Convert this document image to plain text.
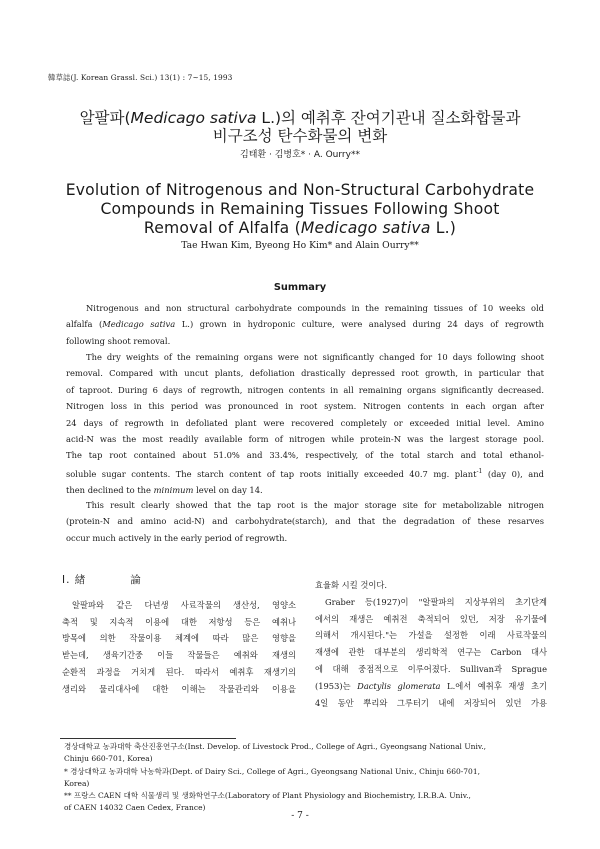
韓草誌(J. Korean Grassl. Sci.) 13(1) : 7~15, 1993
알팔파(Medicago sativa L.)의 예취후 잔여기관내 질소화합물과
비구조성 탄수화물의 변화
김태환 · 김병호* · A. Ourry**
Evolution of Nitrogenous and Non-Structural Carbohydrate
Compounds in Remaining Tissues Following Shoot
Removal of Alfalfa (Medicago sativa L.)
Tae Hwan Kim, Byeong Ho Kim* and Alain Ourry**
Summary
Nitrogenous and non structural carbohydrate compounds in the remaining tissues of 10 weeks old
alfalfa (Medicago sativa L.) grown in hydroponic culture, were analysed during 24 days of regrowth
following shoot removal.
The dry weights of the remaining organs were not significantly changed for 10 days following shoot
removal. Compared with uncut plants, defoliation drastically depressed root growth, in particular that
of taproot. During 6 days of regrowth, nitrogen contents in all remaining organs significantly decreased.
Nitrogen loss in this period was pronounced in root system. Nitrogen contents in each organ after
24 days of regrowth in defoliated plant were recovered completely or exceeded initial level. Amino
acid-N was the most readily available form of nitrogen while protein-N was the largest storage pool.
The tap root contained about 51.0% and 33.4%, respectively, of the total starch and total ethanol-
soluble sugar contents. The starch content of tap roots initially exceeded 40.7 mg. plant$^{-1}$ (day 0), and
then declined to the minimum level on day 14.
This result clearly showed that the tap root is the major storage site for metabolizable nitrogen
(protein-N and amino acid-N) and carbohydrate(starch), and that the degradation of these resarves
occur much actively in the early period of regrowth.
Ⅰ. 緖	論
알팔파와 같은 다년생 사료작물의 생산성, 영양소
축적 및 지속적 이용에 대한 저항성 등은 예취나
방목에 의한 작물이용 체계에 따라 많은 영향을
받는데, 생육기간중 이들 작물들은 예취와 재생의
순환적 과정을 거치게 된다. 따라서 예취후 재생기의
생리와 물리대사에 대한 이해는 작물관리와 이용을
효율화 시킬 것이다.
Graber 등(1927)이 "알팔파의 지상부위의 초기단계
에서의 재생은 예취전 축적되어 있던, 저장 유기물에
의해서 개시된다."는 가설을 설정한 이래 사료작물의
재생에 관한 대부분의 생리학적 연구는 Carbon 대사
에 대해 중점적으로 이루어졌다. Sullivan과 Sprague
(1953)는 Dactylis glomerata L.에서 예취후 재생 초기
4일 동안 뿌리와 그루터기 내에 저장되어 있던 가용
경상대학교 농과대학 축산진흥연구소(Inst. Develop. of Livestock Prod., College of Agri., Gyeongsang National Univ.,
Chinju 660-701, Korea)
* 경상대학교 농과대학 낙농학과(Dept. of Dairy Sci., College of Agri., Gyeongsang National Univ., Chinju 660-701,
Korea)
** 프랑스 CAEN 대학 식물생리 및 생화학연구소(Laboratory of Plant Physiology and Biochemistry, I.R.B.A. Univ.,
of CAEN 14032 Caen Cedex, France)
- 7 -
